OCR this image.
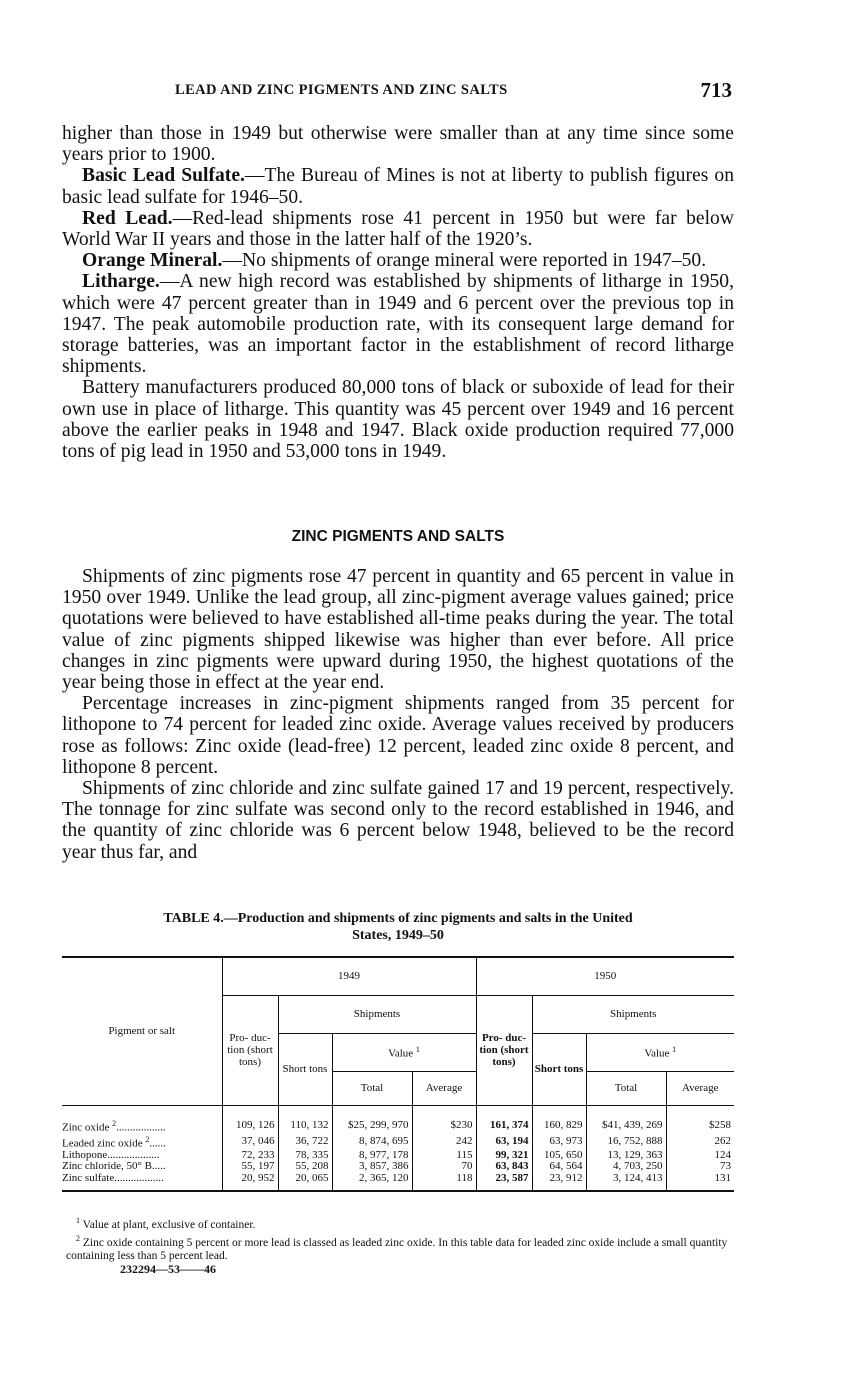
LEAD AND ZINC PIGMENTS AND ZINC SALTS	713

higher than those in 1949 but otherwise were smaller than at any time since some years prior to 1900.

Basic Lead Sulfate.—The Bureau of Mines is not at liberty to publish figures on basic lead sulfate for 1946–50.

Red Lead.—Red-lead shipments rose 41 percent in 1950 but were far below World War II years and those in the latter half of the 1920’s.

Orange Mineral.—No shipments of orange mineral were reported in 1947–50.

Litharge.—A new high record was established by shipments of litharge in 1950, which were 47 percent greater than in 1949 and 6 percent over the previous top in 1947. The peak automobile production rate, with its consequent large demand for storage batteries, was an important factor in the establishment of record litharge shipments.

Battery manufacturers produced 80,000 tons of black or suboxide of lead for their own use in place of litharge. This quantity was 45 percent over 1949 and 16 percent above the earlier peaks in 1948 and 1947. Black oxide production required 77,000 tons of pig lead in 1950 and 53,000 tons in 1949.

ZINC PIGMENTS AND SALTS

Shipments of zinc pigments rose 47 percent in quantity and 65 percent in value in 1950 over 1949. Unlike the lead group, all zinc-pigment average values gained; price quotations were believed to have established all-time peaks during the year. The total value of zinc pigments shipped likewise was higher than ever before. All price changes in zinc pigments were upward during 1950, the highest quotations of the year being those in effect at the year end.

Percentage increases in zinc-pigment shipments ranged from 35 percent for lithopone to 74 percent for leaded zinc oxide. Average values received by producers rose as follows: Zinc oxide (lead-free) 12 percent, leaded zinc oxide 8 percent, and lithopone 8 percent.

Shipments of zinc chloride and zinc sulfate gained 17 and 19 percent, respectively. The tonnage for zinc sulfate was second only to the record established in 1946, and the quantity of zinc chloride was 6 percent below 1948, believed to be the record year thus far, and

TABLE 4.—Production and shipments of zinc pigments and salts in the United
States, 1949–50
Pigment or salt	1949				1950			
	Pro- duc- tion (short tons)	Shipments			Pro- duc- tion (short tons)	Shipments		
		Short tons	Value $^1$			Short tons	Value $^1$
			Total	Average			Total	Average
Zinc oxide $^2$..................	109, 126	110, 132	$25, 299, 970	$230	161, 374	160, 829	$41, 439, 269	$258
Leaded zinc oxide $^2$......	37, 046	36, 722	8, 874, 695	242	63, 194	63, 973	16, 752, 888	262
Lithopone...................	72, 233	78, 335	8, 977, 178	115	99, 321	105, 650	13, 129, 363	124
Zinc chloride, 50° B.....	55, 197	55, 208	3, 857, 386	70	63, 843	64, 564	4, 703, 250	73
Zinc sulfate..................	20, 952	20, 065	2, 365, 120	118	23, 587	23, 912	3, 124, 413	131
$^1$ Value at plant, exclusive of container.
$^2$ Zinc oxide containing 5 percent or more lead is classed as leaded zinc oxide. In this table data for leaded zinc oxide include a small quantity containing less than 5 percent lead.
232294—53——46
